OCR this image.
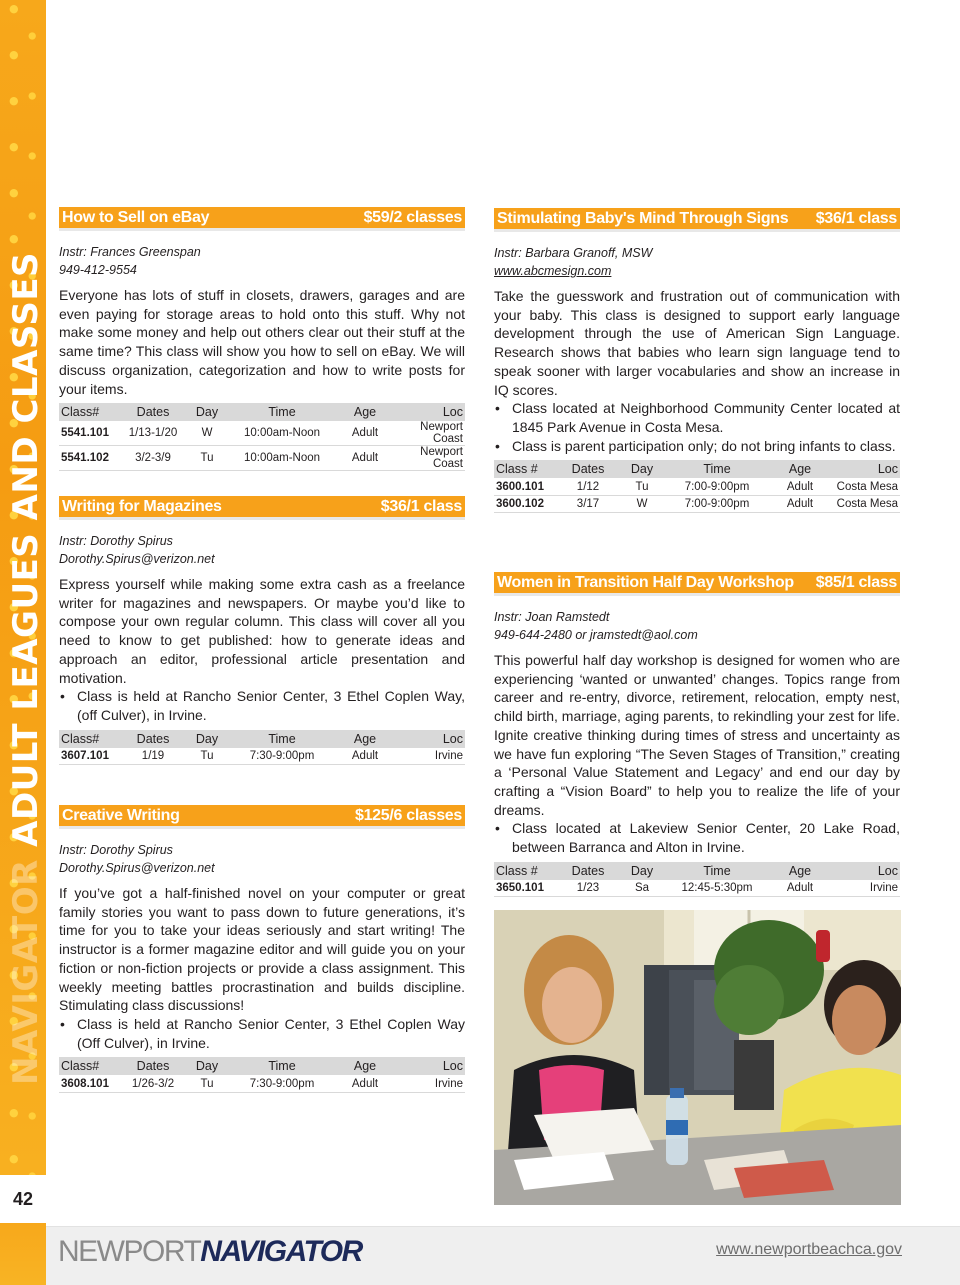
NAVIGATOR ADULT LEAGUES AND CLASSES
42
How to Sell on eBay	$59/2 classes
Instr: Frances Greenspan
949-412-9554

Everyone has lots of stuff in closets, drawers, garages and are even paying for storage areas to hold onto this stuff. Why not make some money and help out others clear out their stuff at the same time? This class will show you how to sell on eBay. We will discuss organization, categorization and how to write posts for your items.

Class#	Dates	Day	Time	Age	Loc
5541.101	1/13-1/20	W	10:00am-Noon	Adult	Newport Coast
5541.102	3/2-3/9	Tu	10:00am-Noon	Adult	Newport Coast
Writing for Magazines	$36/1 class
Instr: Dorothy Spirus
Dorothy.Spirus@verizon.net

Express yourself while making some extra cash as a freelance writer for magazines and newspapers. Or maybe you’d like to compose your own regular column. This class will cover all you need to know to get published: how to generate ideas and approach an editor, professional article presentation and motivation.

• Class is held at Rancho Senior Center, 3 Ethel Coplen Way, (off Culver), in Irvine.
Class#	Dates	Day	Time	Age	Loc
3607.101	1/19	Tu	7:30-9:00pm	Adult	Irvine
Creative Writing	$125/6 classes
Instr: Dorothy Spirus
Dorothy.Spirus@verizon.net

If you’ve got a half-finished novel on your computer or great family stories you want to pass down to future generations, it’s time for you to take your ideas seriously and start writing! The instructor is a former magazine editor and will guide you on your fiction or non-fiction projects or provide a class assignment. This weekly meeting battles procrastination and builds discipline. Stimulating class discussions!

• Class is held at Rancho Senior Center, 3 Ethel Coplen Way (Off Culver), in Irvine.
Class#	Dates	Day	Time	Age	Loc
3608.101	1/26-3/2	Tu	7:30-9:00pm	Adult	Irvine
Stimulating Baby's Mind Through Signs $36/1 class
Instr: Barbara Granoff, MSW
www.abcmesign.com

Take the guesswork and frustration out of communication with your baby. This class is designed to support early language development through the use of American Sign Language. Research shows that babies who learn sign language tend to speak sooner with larger vocabularies and show an increase in IQ scores.

• Class located at Neighborhood Community Center located at 1845 Park Avenue in Costa Mesa.
• Class is parent participation only; do not bring infants to class.
Class #	Dates	Day	Time	Age	Loc
3600.101	1/12	Tu	7:00-9:00pm	Adult	Costa Mesa
3600.102	3/17	W	7:00-9:00pm	Adult	Costa Mesa
Women in Transition Half Day Workshop $85/1 class
Instr: Joan Ramstedt
949-644-2480 or jramstedt@aol.com

This powerful half day workshop is designed for women who are experiencing ‘wanted or unwanted’ changes. Topics range from career and re-entry, divorce, retirement, relocation, empty nest, child birth, marriage, aging parents, to rekindling your zest for life. Ignite creative thinking during times of stress and uncertainty as we have fun exploring “The Seven Stages of Transition,” creating a ‘Personal Value Statement and Legacy’ and end our day by crafting a “Vision Board” to help you to realize the life of your dreams.

• Class located at Lakeview Senior Center, 20 Lake Road, between Barranca and Alton in Irvine.
Class #	Dates	Day	Time	Age	Loc
3650.101	1/23	Sa	12:45-5:30pm	Adult	Irvine
NEWPORTNAVIGATOR	www.newportbeachca.gov
